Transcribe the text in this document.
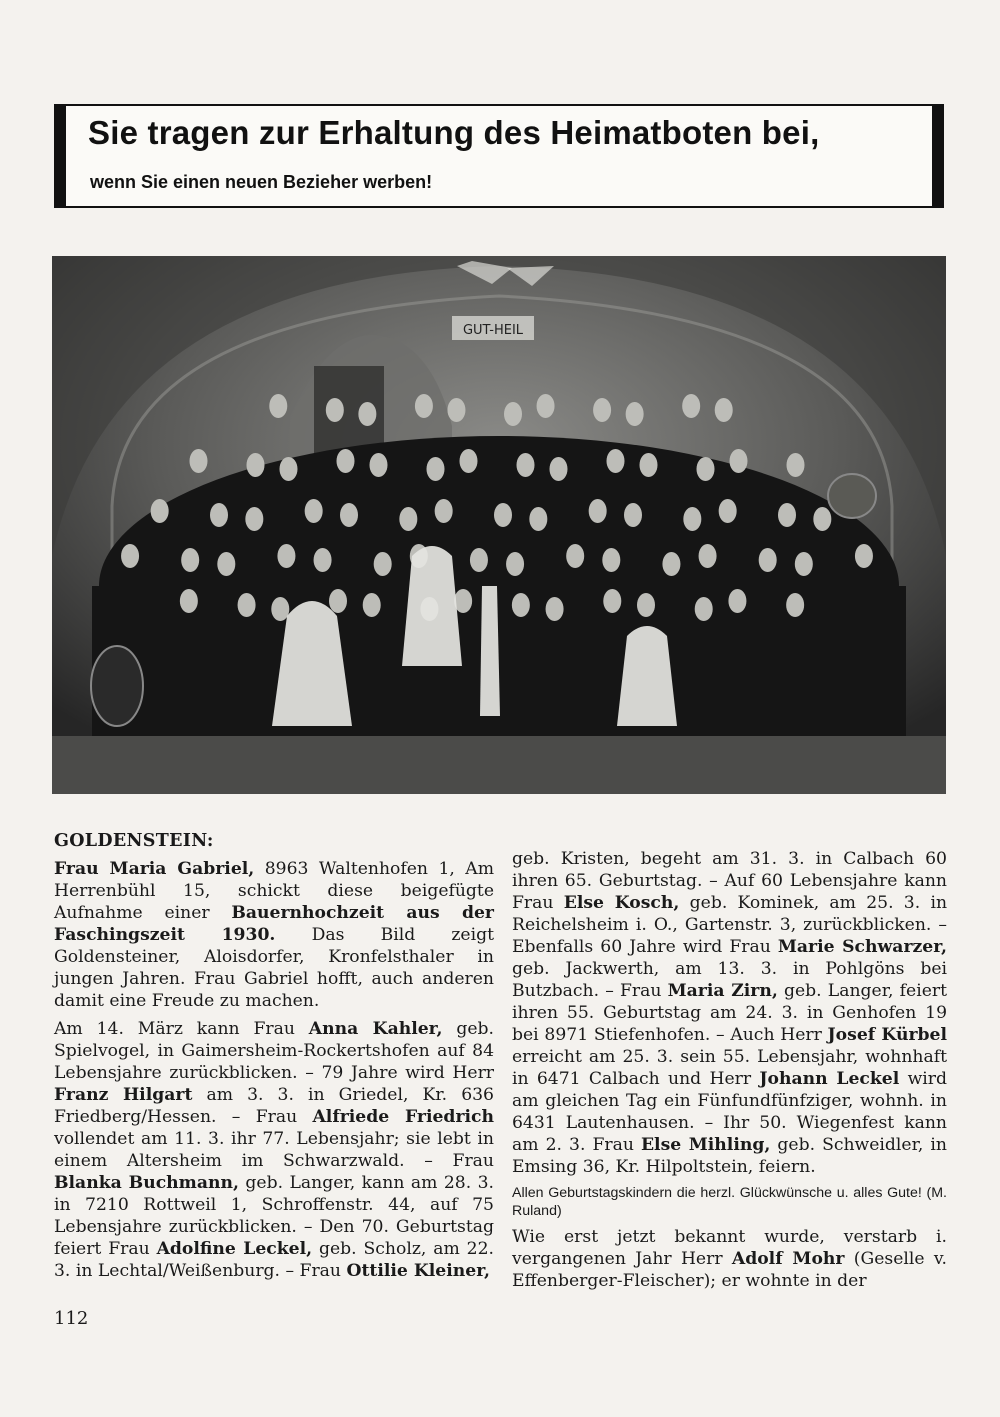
Sie tragen zur Erhaltung des Heimatboten bei,

wenn Sie einen neuen Bezieher werben!

GUT-HEIL

GOLDENSTEIN:

Frau Maria Gabriel, 8963 Waltenhofen 1, Am Herrenbühl 15, schickt diese beigefügte Aufnahme einer Bauernhochzeit aus der Faschingszeit 1930. Das Bild zeigt Goldensteiner, Aloisdorfer, Kronfelsthaler in jungen Jahren. Frau Gabriel hofft, auch anderen damit eine Freude zu machen.

Am 14. März kann Frau Anna Kahler, geb. Spielvogel, in Gaimersheim-Rockertshofen auf 84 Lebensjahre zurückblicken. – 79 Jahre wird Herr Franz Hilgart am 3. 3. in Griedel, Kr. 636 Friedberg/Hessen. – Frau Alfriede Friedrich vollendet am 11. 3. ihr 77. Lebensjahr; sie lebt in einem Altersheim im Schwarzwald. – Frau Blanka Buchmann, geb. Langer, kann am 28. 3. in 7210 Rottweil 1, Schroffenstr. 44, auf 75 Lebensjahre zurückblicken. – Den 70. Geburtstag feiert Frau Adolfine Leckel, geb. Scholz, am 22. 3. in Lechtal/Weißenburg. – Frau Ottilie Kleiner,

geb. Kristen, begeht am 31. 3. in Calbach 60 ihren 65. Geburtstag. – Auf 60 Lebensjahre kann Frau Else Kosch, geb. Kominek, am 25. 3. in Reichelsheim i. O., Gartenstr. 3, zurückblicken. – Ebenfalls 60 Jahre wird Frau Marie Schwarzer, geb. Jackwerth, am 13. 3. in Pohlgöns bei Butzbach. – Frau Maria Zirn, geb. Langer, feiert ihren 55. Geburtstag am 24. 3. in Genhofen 19 bei 8971 Stiefenhofen. – Auch Herr Josef Kürbel erreicht am 25. 3. sein 55. Lebensjahr, wohnhaft in 6471 Calbach und Herr Johann Leckel wird am gleichen Tag ein Fünfundfünfziger, wohnh. in 6431 Lautenhausen. – Ihr 50. Wiegenfest kann am 2. 3. Frau Else Mihling, geb. Schweidler, in Emsing 36, Kr. Hilpoltstein, feiern.

Allen Geburtstagskindern die herzl. Glückwünsche u. alles Gute! (M. Ruland)

Wie erst jetzt bekannt wurde, verstarb i. vergangenen Jahr Herr Adolf Mohr (Geselle v. Effenberger-Fleischer); er wohnte in der

112
